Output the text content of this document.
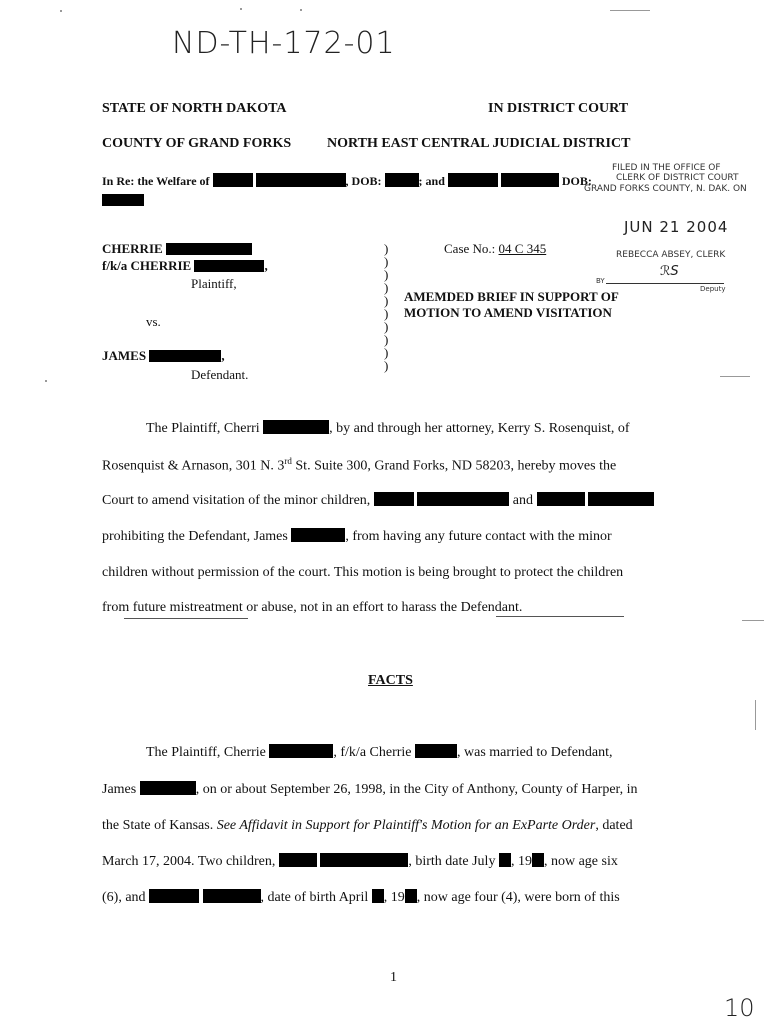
ND-TH-172-01
STATE OF NORTH DAKOTA	IN DISTRICT COURT
COUNTY OF GRAND FORKS	NORTH EAST CENTRAL JUDICIAL DISTRICT
In Re: the Welfare of	, DOB:	; and	DOB:
FILED IN THE OFFICE OF
CLERK OF DISTRICT COURT
GRAND FORKS COUNTY, N. DAK. ON
JUN 21 2004
REBECCA ABSEY, CLERK
BY
ℛS
Deputy
CHERRIE
f/k/a CHERRIE	,
Plaintiff,
vs.
JAMES	,
Defendant.
)
)
)
)
)
)
)
)
)
)
Case No.: 04 C 345
AMEMDED BRIEF IN SUPPORT OF
MOTION TO AMEND VISITATION
The Plaintiff, Cherri	, by and through her attorney, Kerry S. Rosenquist, of
Rosenquist & Arnason, 301 N. 3rd St. Suite 300, Grand Forks, ND 58203, hereby moves the
Court to amend visitation of the minor children,	and
prohibiting the Defendant, James	, from having any future contact with the minor
children without permission of the court. This motion is being brought to protect the children
from future mistreatment or abuse, not in an effort to harass the Defendant.
FACTS
The Plaintiff, Cherrie	, f/k/a Cherrie	, was married to Defendant,
James	, on or about September 26, 1998, in the City of Anthony, County of Harper, in
the State of Kansas. See Affidavit in Support for Plaintiff's Motion for an ExParte Order, dated
March 17, 2004. Two children,	, birth date July , 19 , now age six
(6), and	, date of birth April , 19 , now age four (4), were born of this
1
10
